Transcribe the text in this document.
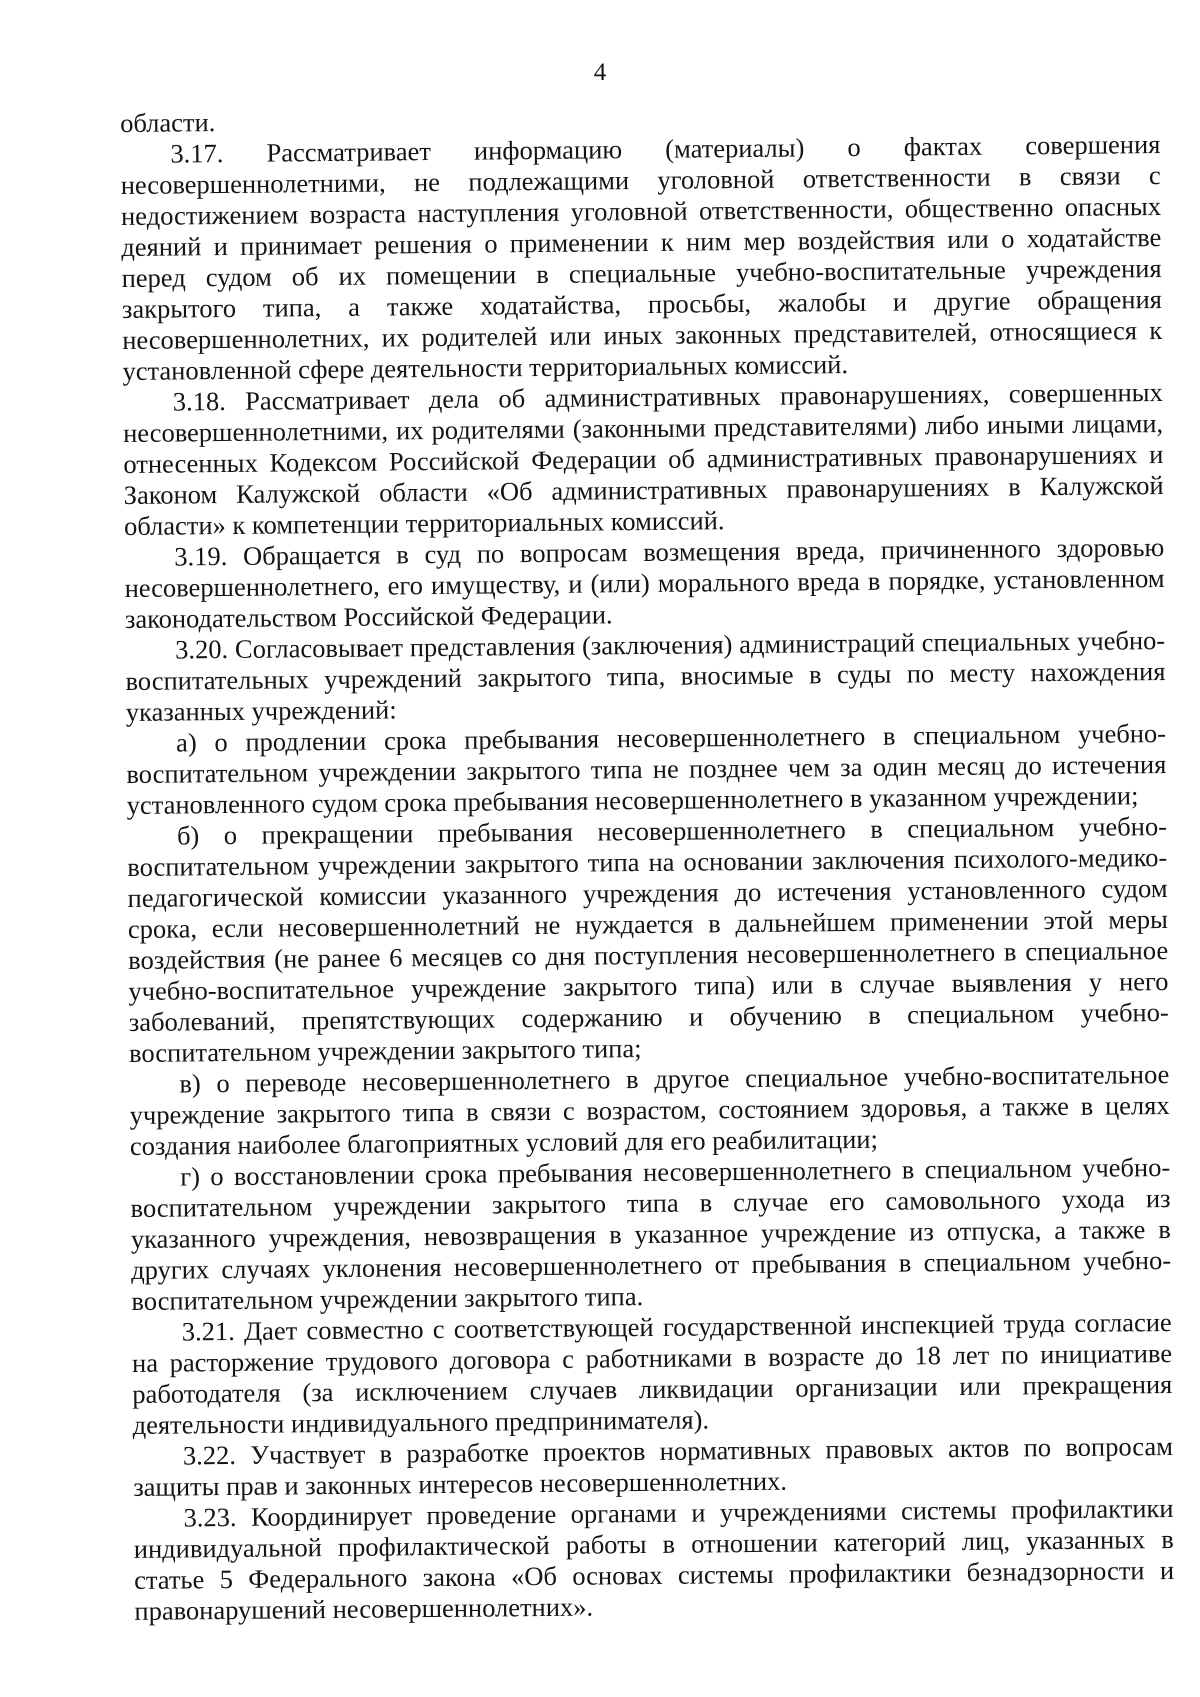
4

области.

3.17. Рассматривает информацию (материалы) о фактах совершения несовершеннолетними, не подлежащими уголовной ответственности в связи с недостижением возраста наступления уголовной ответственности, общественно опасных деяний и принимает решения о применении к ним мер воздействия или о ходатайстве перед судом об их помещении в специальные учебно-воспитательные учреждения закрытого типа, а также ходатайства, просьбы, жалобы и другие обращения несовершеннолетних, их родителей или иных законных представителей, относящиеся к установленной сфере деятельности территориальных комиссий.

3.18. Рассматривает дела об административных правонарушениях, совершенных несовершеннолетними, их родителями (законными представителями) либо иными лицами, отнесенных Кодексом Российской Федерации об административных правонарушениях и Законом Калужской области «Об административных правонарушениях в Калужской области» к компетенции территориальных комиссий.

3.19. Обращается в суд по вопросам возмещения вреда, причиненного здоровью несовершеннолетнего, его имуществу, и (или) морального вреда в порядке, установленном законодательством Российской Федерации.

3.20. Согласовывает представления (заключения) администраций специальных учебно-воспитательных учреждений закрытого типа, вносимые в суды по месту нахождения указанных учреждений:

а) о продлении срока пребывания несовершеннолетнего в специальном учебно-воспитательном учреждении закрытого типа не позднее чем за один месяц до истечения установленного судом срока пребывания несовершеннолетнего в указанном учреждении;

б) о прекращении пребывания несовершеннолетнего в специальном учебно-воспитательном учреждении закрытого типа на основании заключения психолого-медико-педагогической комиссии указанного учреждения до истечения установленного судом срока, если несовершеннолетний не нуждается в дальнейшем применении этой меры воздействия (не ранее 6 месяцев со дня поступления несовершеннолетнего в специальное учебно-воспитательное учреждение закрытого типа) или в случае выявления у него заболеваний, препятствующих содержанию и обучению в специальном учебно-воспитательном учреждении закрытого типа;

в) о переводе несовершеннолетнего в другое специальное учебно-воспитательное учреждение закрытого типа в связи с возрастом, состоянием здоровья, а также в целях создания наиболее благоприятных условий для его реабилитации;

г) о восстановлении срока пребывания несовершеннолетнего в специальном учебно-воспитательном учреждении закрытого типа в случае его самовольного ухода из указанного учреждения, невозвращения в указанное учреждение из отпуска, а также в других случаях уклонения несовершеннолетнего от пребывания в специальном учебно-воспитательном учреждении закрытого типа.

3.21. Дает совместно с соответствующей государственной инспекцией труда согласие на расторжение трудового договора с работниками в возрасте до 18 лет по инициативе работодателя (за исключением случаев ликвидации организации или прекращения деятельности индивидуального предпринимателя).

3.22. Участвует в разработке проектов нормативных правовых актов по вопросам защиты прав и законных интересов несовершеннолетних.

3.23. Координирует проведение органами и учреждениями системы профилактики индивидуальной профилактической работы в отношении категорий лиц, указанных в статье 5 Федерального закона «Об основах системы профилактики безнадзорности и правонарушений несовершеннолетних».
